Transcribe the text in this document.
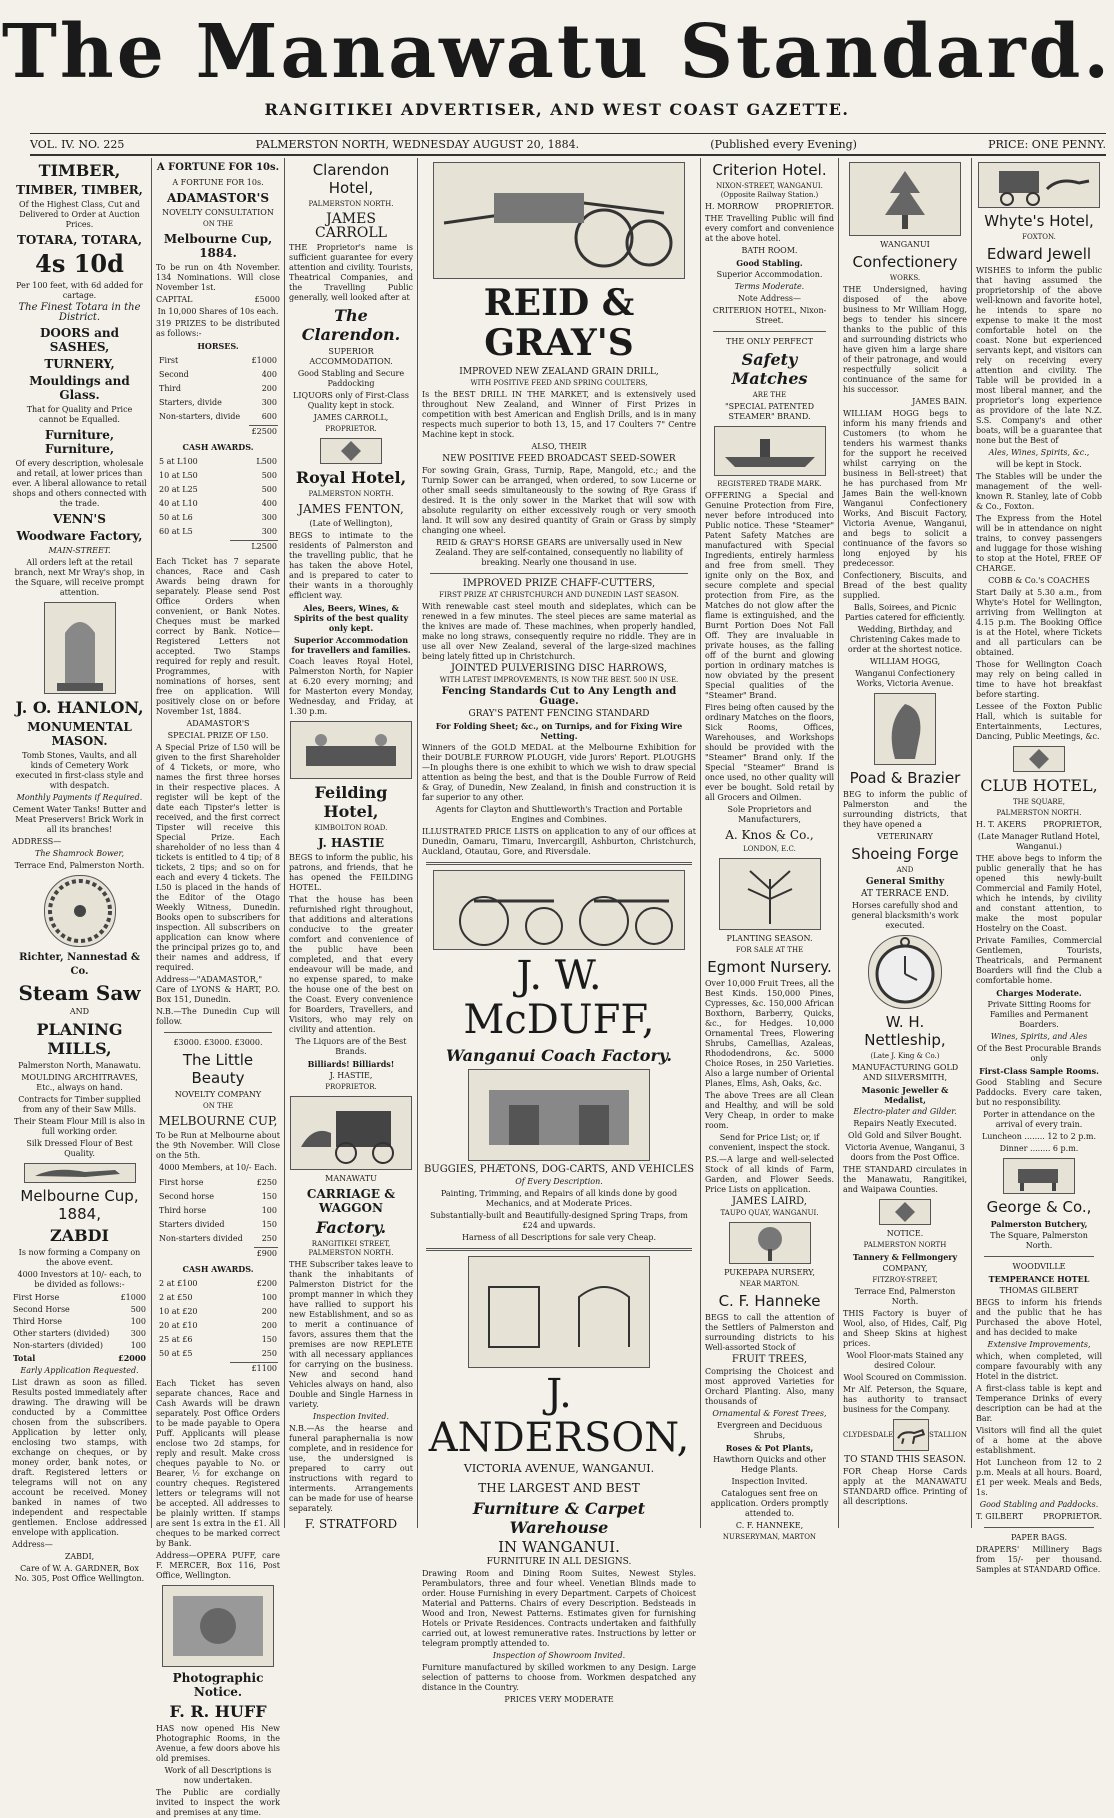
The Manawatu Standard.
RANGITIKEI ADVERTISER, AND WEST COAST GAZETTE.
VOL. IV. NO. 225	PALMERSTON NORTH, WEDNESDAY AUGUST 20, 1884.	(Published every Evening)	PRICE: ONE PENNY.
TIMBER,
TIMBER, TIMBER,

Of the Highest Class, Cut and Delivered to Order at Auction Prices.

TOTARA, TOTARA,
4s 10d

Per 100 feet, with 6d added for cartage.

The Finest Totara in the District.

DOORS and SASHES,
TURNERY,
Mouldings and Glass.

That for Quality and Price cannot be Equalled.

Furniture, Furniture,

Of every description, wholesale and retail, at lower prices than ever. A liberal allowance to retail shops and others connected with the trade.

VENN'S
Woodware Factory,

MAIN-STREET.

All orders left at the retail branch, next Mr Wray's shop, in the Square, will receive prompt attention.

J. O. HANLON,
MONUMENTAL MASON.

Tomb Stones, Vaults, and all kinds of Cemetery Work executed in first-class style and with despatch.

Monthly Payments if Required.

Cement Water Tanks! Butter and Meat Preservers! Brick Work in all its branches!

ADDRESS—

The Shamrock Bower,

Terrace End, Palmerston North.

Richter, Nannestad & Co.
Steam Saw

AND

PLANING MILLS,

Palmerston North, Manawatu.

MOULDING ARCHITRAVES, Etc., always on hand.

Contracts for Timber supplied from any of their Saw Mills.

Their Steam Flour Mill is also in full working order.

Silk Dressed Flour of Best Quality.

Melbourne Cup, 1884,
ZABDI

Is now forming a Company on the above event.

4000 Investors at 10/- each, to be divided as follows:-

First Horse	£1000
Second Horse	500
Third Horse	100
Other starters (divided)	300
Non-starters (divided)	100
Total	£2000

Early Application Requested.

List drawn as soon as filled. Results posted immediately after drawing. The drawing will be conducted by a Committee chosen from the subscribers. Application by letter only, enclosing two stamps, with exchange on cheques, or by money order, bank notes, or draft. Registered letters or telegrams will not on any account be received. Money banked in names of two independent and respectable gentlemen. Enclose addressed envelope with application.

Address—

ZABDI,

Care of W. A. GARDNER, Box No. 305, Post Office Wellington.

A FORTUNE FOR 10s.

A FORTUNE FOR 10s.

ADAMASTOR'S

NOVELTY CONSULTATION

ON THE

Melbourne Cup, 1884.

To be run on 4th November. 134 Nominations. Will close November 1st.

CAPITAL	£5000

In 10,000 Shares of 10s each.

319 PRIZES to be distributed as follows:-

HORSES.

First	£1000
Second	400
Third	200
Starters, divide	300
Non-starters, divide	600
	£2500

CASH AWARDS.

5 at L100	L500
10 at L50	500
20 at L25	500
40 at L10	400
50 at L6	300
60 at L5	300
	L2500

Each Ticket has 7 separate chances, Race and Cash Awards being drawn for separately. Please send Post Office Orders when convenient, or Bank Notes. Cheques must be marked correct by Bank. Notice—Registered Letters not accepted. Two Stamps required for reply and result. Programmes, with nominations of horses, sent free on application. Will positively close on or before November 1st, 1884.

ADAMASTOR'S

SPECIAL PRIZE OF L50.

A Special Prize of L50 will be given to the first Shareholder of 4 Tickets, or more, who names the first three horses in their respective places. A register will be kept of the date each Tipster's letter is received, and the first correct Tipster will receive this Special Prize. Each shareholder of no less than 4 tickets is entitled to 4 tip; of 8 tickets, 2 tips; and so on for each and every 4 tickets. The L50 is placed in the hands of the Editor of the Otago Weekly Witness, Dunedin. Books open to subscribers for inspection. All subscribers on application can know where the principal prizes go to, and their names and address, if required.

Address—"ADAMASTOR," Care of LYONS & HART, P.O. Box 151, Dunedin.

N.B.—The Dunedin Cup will follow.

£3000. £3000. £3000.

The Little Beauty

NOVELTY COMPANY

ON THE

MELBOURNE CUP,

To be Run at Melbourne about the 9th November. Will Close on the 5th.

4000 Members, at 10/- Each.

First horse	£250
Second horse	150
Third horse	100
Starters divided	150
Non-starters divided	250
	£900

CASH AWARDS.

2 at £100	£200
2 at £50	100
10 at £20	200
20 at £10	200
25 at £6	150
50 at £5	250
	£1100

Each Ticket has seven separate chances, Race and Cash Awards will be drawn separately. Post Office Orders to be made payable to Opera Puff. Applicants will please enclose two 2d stamps, for reply and result. Make cross cheques payable to No. or Bearer, ½ for exchange on country cheques. Registered letters or telegrams will not be accepted. All addresses to be plainly written. If stamps are sent 1s extra in the £1. All cheques to be marked correct by Bank.

Address—OPERA PUFF, care F. MERCER, Box 116, Post Office, Wellington.

Photographic Notice.
F. R. HUFF

HAS now opened His New Photographic Rooms, in the Avenue, a few doors above his old premises.

Work of all Descriptions is now undertaken.

The Public are cordially invited to inspect the work and premises at any time.

Clarendon Hotel,

PALMERSTON NORTH.

JAMES CARROLL

THE Proprietor's name is sufficient guarantee for every attention and civility. Tourists, Theatrical Companies, and the Travelling Public generally, well looked after at

The Clarendon.

SUPERIOR ACCOMMODATION.

Good Stabling and Secure Paddocking

LIQUORS only of First-Class Quality kept in stock.

JAMES CARROLL,

PROPRIETOR.

Royal Hotel,

PALMERSTON NORTH.

JAMES FENTON,

(Late of Wellington),

BEGS to intimate to the residents of Palmerston and the travelling public, that he has taken the above Hotel, and is prepared to cater to their wants in a thoroughly efficient way.

Ales, Beers, Wines, & Spirits of the best quality only kept.

Superior Accommodation for travellers and families.

Coach leaves Royal Hotel, Palmerston North, for Napier at 6.20 every morning; and for Masterton every Monday, Wednesday, and Friday, at 1.30 p.m.

Feilding Hotel,

KIMBOLTON ROAD.

J. HASTIE

BEGS to inform the public, his patrons, and friends, that he has opened the FEILDING HOTEL.

That the house has been refurnished right throughout, that additions and alterations conducive to the greater comfort and convenience of the public have been completed, and that every endeavour will be made, and no expense spared, to make the house one of the best on the Coast. Every convenience for Boarders, Travellers, and Visitors, who may rely on civility and attention.

The Liquors are of the Best Brands.

Billiards! Billiards!

J. HASTIE,

PROPRIETOR.

MANAWATU

CARRIAGE & WAGGON
Factory.

RANGITIKEI STREET, PALMERSTON NORTH.

THE Subscriber takes leave to thank the inhabitants of Palmerston District for the prompt manner in which they have rallied to support his new Establishment, and so as to merit a continuance of favors, assures them that the premises are now REPLETE with all necessary appliances for carrying on the business. New and second hand Vehicles always on hand, also Double and Single Harness in variety.

Inspection Invited.

N.B.—As the hearse and funeral paraphernalia is now complete, and in residence for use, the undersigned is prepared to carry out instructions with regard to interments. Arrangements can be made for use of hearse separately.

F. STRATFORD
REID & GRAY'S

IMPROVED NEW ZEALAND GRAIN DRILL,

WITH POSITIVE FEED AND SPRING COULTERS,

Is the BEST DRILL IN THE MARKET, and is extensively used throughout New Zealand, and Winner of First Prizes in competition with best American and English Drills, and is in many respects much superior to both 13, 15, and 17 Coulters 7" Centre Machine kept in stock.

ALSO, THEIR

NEW POSITIVE FEED BROADCAST SEED-SOWER

For sowing Grain, Grass, Turnip, Rape, Mangold, etc.; and the Turnip Sower can be arranged, when ordered, to sow Lucerne or other small seeds simultaneously to the sowing of Rye Grass if desired. It is the only sower in the Market that will sow with absolute regularity on either excessively rough or very smooth land. It will sow any desired quantity of Grain or Grass by simply changing one wheel.

REID & GRAY'S HORSE GEARS are universally used in New Zealand. They are self-contained, consequently no liability of breaking. Nearly one thousand in use.

IMPROVED PRIZE CHAFF-CUTTERS,

FIRST PRIZE AT CHRISTCHURCH AND DUNEDIN LAST SEASON.

With renewable cast steel mouth and sideplates, which can be renewed in a few minutes. The steel pieces are same material as the knives are made of. These machines, when properly handled, make no long straws, consequently require no riddle. They are in use all over New Zealand, several of the large-sized machines being lately fitted up in Christchurch.

JOINTED PULVERISING DISC HARROWS,

WITH LATEST IMPROVEMENTS, IS NOW THE BEST. 500 IN USE.

Fencing Standards Cut to Any Length and Guage.

GRAY'S PATENT FENCING STANDARD

For Folding Sheet; &c., on Turnips, and for Fixing Wire Netting.

Winners of the GOLD MEDAL at the Melbourne Exhibition for their DOUBLE FURROW PLOUGH, vide Jurors' Report. PLOUGHS—In ploughs there is one exhibit to which we wish to draw special attention as being the best, and that is the Double Furrow of Reid & Gray, of Dunedin, New Zealand, in finish and construction it is far superior to any other.

Agents for Clayton and Shuttleworth's Traction and Portable Engines and Combines.

ILLUSTRATED PRICE LISTS on application to any of our offices at Dunedin, Oamaru, Timaru, Invercargill, Ashburton, Christchurch, Auckland, Otautau, Gore, and Riversdale.

J. W. McDUFF,
Wanganui Coach Factory.

BUGGIES, PHÆTONS, DOG-CARTS, AND VEHICLES

Of Every Description.

Painting, Trimming, and Repairs of all kinds done by good Mechanics, and at Moderate Prices.

Substantially-built and Beautifully-designed Spring Traps, from £24 and upwards.

Harness of all Descriptions for sale very Cheap.

J. ANDERSON,

VICTORIA AVENUE, WANGANUI.

THE LARGEST AND BEST

Furniture & Carpet Warehouse
IN WANGANUI.

FURNITURE IN ALL DESIGNS.

Drawing Room and Dining Room Suites, Newest Styles. Perambulators, three and four wheel. Venetian Blinds made to order. House Furnishing in every Department. Carpets of Choicest Material and Patterns. Chairs of every Description. Bedsteads in Wood and Iron, Newest Patterns. Estimates given for furnishing Hotels or Private Residences. Contracts undertaken and faithfully carried out, at lowest remunerative rates. Instructions by letter or telegram promptly attended to.

Inspection of Showroom Invited.

Furniture manufactured by skilled workmen to any Design. Large selection of patterns to choose from. Workmen despatched any distance in the Country.

PRICES VERY MODERATE

Criterion Hotel.

NIXON-STREET, WANGANUI. (Opposite Railway Station.)

H. MORROW PROPRIETOR.

THE Travelling Public will find every comfort and convenience at the above hotel.

BATH ROOM.

Good Stabling.

Superior Accommodation.

Terms Moderate.

Note Address—

CRITERION HOTEL, Nixon-Street.

THE ONLY PERFECT

Safety Matches

ARE THE

"SPECIAL PATENTED STEAMER" BRAND.

REGISTERED TRADE MARK.

OFFERING a Special and Genuine Protection from Fire, never before introduced into Public notice. These "Steamer" Patent Safety Matches are manufactured with Special Ingredients, entirely harmless and free from smell. They ignite only on the Box, and secure complete and special protection from Fire, as the Matches do not glow after the flame is extinguished, and the Burnt Portion Does Not Fall Off. They are invaluable in private houses, as the falling off of the burnt and glowing portion in ordinary matches is now obviated by the present Special qualities of the "Steamer" Brand.

Fires being often caused by the ordinary Matches on the floors, Sick Rooms, Offices, Warehouses, and Workshops should be provided with the "Steamer" Brand only. If the Special "Steamer" Brand is once used, no other quality will ever be bought. Sold retail by all Grocers and Oilmen.

Sole Proprietors and Manufacturers,

A. Knos & Co.,

LONDON, E.C.

PLANTING SEASON.

FOR SALE AT THE

Egmont Nursery.

Over 10,000 Fruit Trees, all the Best Kinds. 150,000 Pines, Cypresses, &c. 150,000 African Boxthorn, Barberry, Quicks, &c., for Hedges. 10,000 Ornamental Trees, Flowering Shrubs, Camellias, Azaleas, Rhododendrons, &c. 5000 Choice Roses, in 250 Varieties. Also a large number of Oriental Planes, Elms, Ash, Oaks, &c.

The above Trees are all Clean and Healthy, and will be sold Very Cheap, in order to make room.

Send for Price List; or, if convenient, inspect the stock.

P.S.—A large and well-selected Stock of all kinds of Farm, Garden, and Flower Seeds. Price Lists on application.

JAMES LAIRD,

TAUPO QUAY, WANGANUI.

PUKEPAPA NURSERY,

NEAR MARTON.

C. F. Hanneke

BEGS to call the attention of the Settlers of Palmerston and surrounding districts to his Well-assorted Stock of

FRUIT TREES,

Comprising the Choicest and most approved Varieties for Orchard Planting. Also, many thousands of

Ornamental & Forest Trees,

Evergreen and Deciduous Shrubs,

Roses & Pot Plants,

Hawthorn Quicks and other Hedge Plants.

Inspection Invited.

Catalogues sent free on application. Orders promptly attended to.

C. F. HANNEKE,

NURSERYMAN, MARTON

WANGANUI

Confectionery

WORKS.

THE Undersigned, having disposed of the above business to Mr William Hogg, begs to tender his sincere thanks to the public of this and surrounding districts who have given him a large share of their patronage, and would respectfully solicit a continuance of the same for his successor.

JAMES BAIN.

WILLIAM HOGG begs to inform his many friends and Customers (to whom he tenders his warmest thanks for the support he received whilst carrying on the business in Bell-street) that he has purchased from Mr James Bain the well-known Wanganui Confectionery Works, And Biscuit Factory, Victoria Avenue, Wanganui, and begs to solicit a continuance of the favors so long enjoyed by his predecessor.

Confectionery, Biscuits, and Bread of the best quality supplied.

Balls, Soirees, and Picnic Parties catered for efficiently.

Wedding, Birthday, and Christening Cakes made to order at the shortest notice.

WILLIAM HOGG,

Wanganui Confectionery Works, Victoria Avenue.

Poad & Brazier

BEG to inform the public of Palmerston and the surrounding districts, that they have opened a

VETERINARY

Shoeing Forge

AND

General Smithy

AT TERRACE END.

Horses carefully shod and general blacksmith's work executed.

W. H. Nettleship,

(Late J. King & Co.)

MANUFACTURING GOLD AND SILVERSMITH,

Masonic Jeweller & Medalist,

Electro-plater and Gilder.

Repairs Neatly Executed.

Old Gold and Silver Bought.

Victoria Avenue, Wanganui, 3 doors from the Post Office.

THE STANDARD circulates in the Manawatu, Rangitikei, and Waipawa Counties.

NOTICE.

PALMERSTON NORTH

Tannery & Fellmongery

COMPANY,

FITZROY-STREET,

Terrace End, Palmerston North.

THIS Factory is buyer of Wool, also, of Hides, Calf, Pig and Sheep Skins at highest prices.

Wool Floor-mats Stained any desired Colour.

Wool Scoured on Commission.

Mr Alf. Peterson, the Square, has authority to transact business for the Company.

CLYDESDALE	STALLION

TO STAND THIS SEASON.

FOR Cheap Horse Cards apply at the MANAWATU STANDARD office. Printing of all descriptions.

Whyte's Hotel,

FOXTON.

Edward Jewell

WISHES to inform the public that having assumed the proprietorship of the above well-known and favorite hotel, he intends to spare no expense to make it the most comfortable hotel on the coast. None but experienced servants kept, and visitors can rely on receiving every attention and civility. The Table will be provided in a most liberal manner, and the proprietor's long experience as providore of the late N.Z. S.S. Company's and other boats, will be a guarantee that none but the Best of

Ales, Wines, Spirits, &c.,

will be kept in Stock.

The Stables will be under the management of the well-known R. Stanley, late of Cobb & Co., Foxton.

The Express from the Hotel will be in attendance on night trains, to convey passengers and luggage for those wishing to stop at the Hotel, FREE OF CHARGE.

COBB & Co.'s COACHES

Start Daily at 5.30 a.m., from Whyte's Hotel for Wellington, arriving from Wellington at 4.15 p.m. The Booking Office is at the Hotel, where Tickets and all particulars can be obtained.

Those for Wellington Coach may rely on being called in time to have hot breakfast before starting.

Lessee of the Foxton Public Hall, which is suitable for Entertainments, Lectures, Dancing, Public Meetings, &c.

CLUB HOTEL,

THE SQUARE,

PALMERSTON NORTH.

H. T. AKERS PROPRIETOR,

(Late Manager Rutland Hotel, Wanganui.)

THE above begs to inform the public generally that he has opened this newly-built Commercial and Family Hotel, which he intends, by civility and constant attention, to make the most popular Hostelry on the Coast.

Private Families, Commercial Gentlemen, Tourists, Theatricals, and Permanent Boarders will find the Club a comfortable home.

Charges Moderate.

Private Sitting Rooms for Families and Permanent Boarders.

Wines, Spirits, and Ales

Of the Best Procurable Brands only

First-Class Sample Rooms.

Good Stabling and Secure Paddocks. Every care taken, but no responsibility.

Porter in attendance on the arrival of every train.

Luncheon ........ 12 to 2 p.m.

Dinner ........ 6 p.m.

George & Co.,

Palmerston Butchery,

The Square, Palmerston North.

WOODVILLE

TEMPERANCE HOTEL

THOMAS GILBERT

BEGS to inform his friends and the public that he has Purchased the above Hotel, and has decided to make

Extensive Improvements,

which, when completed, will compare favourably with any Hotel in the district.

A first-class table is kept and Temperance Drinks of every description can be had at the Bar.

Visitors will find all the quiet of a home at the above establishment.

Hot Luncheon from 12 to 2 p.m. Meals at all hours. Board, £1 per week. Meals and Beds, 1s.

Good Stabling and Paddocks.

T. GILBERT	PROPRIETOR.

PAPER BAGS.

DRAPERS' Millinery Bags from 15/- per thousand. Samples at STANDARD Office.
